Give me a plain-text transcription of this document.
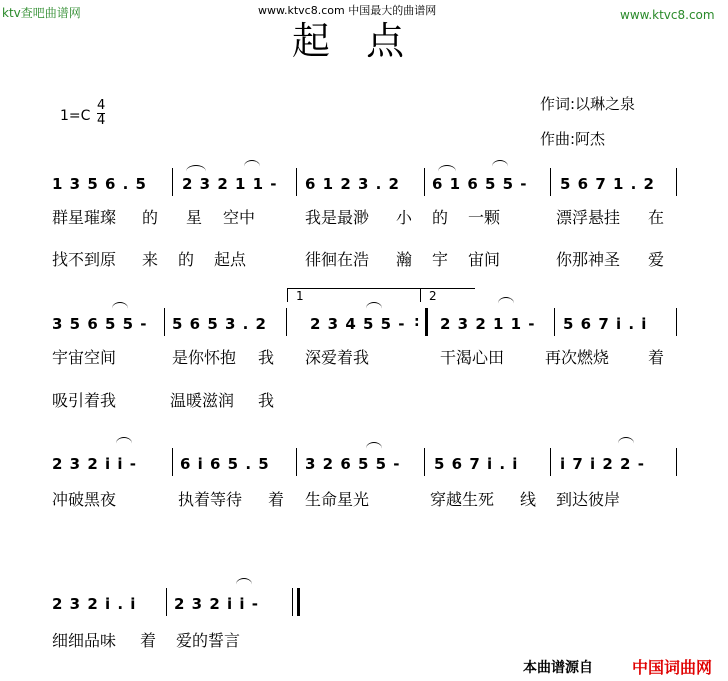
ktv查吧曲谱网	www.ktvc8.com 中国最大的曲谱网	www.ktvc8.com
起 点
1=C
4
4
作词:以琳之泉
作曲:阿杰
1 3 5 6 . 5 2 3 2 1 1 - 6 1 2 3 . 2 6 1 6 5 5 - 5 6 7 1 . 2
群星璀璨 的 星 空中	我是最渺 小 的 一颗	漂浮悬挂 在
找不到原 来 的 起点	徘徊在浩 瀚 宇 宙间	你那神圣 爱
1	2
3 5 6 5 5 - 5 6 5 3 . 2	2 3 4 5 5 - 2 3 2 1 1 - 5 6 7 i . i
:
宇宙空间	是你怀抱 我 深爱着我	干渴心田	再次燃烧 着
吸引着我	温暖滋润 我
2 3 2 i i -	6 i 6 5 . 5 3 2 6 5 5 - 5 6 7 i . i	i 7 i 2 2 -
冲破黑夜	执着等待 着 生命星光	穿越生死 线 到达彼岸
2 3 2 i . i	2 3 2 i i -
细细品味 着 爱的誓言
本曲谱源自 中国词曲网
